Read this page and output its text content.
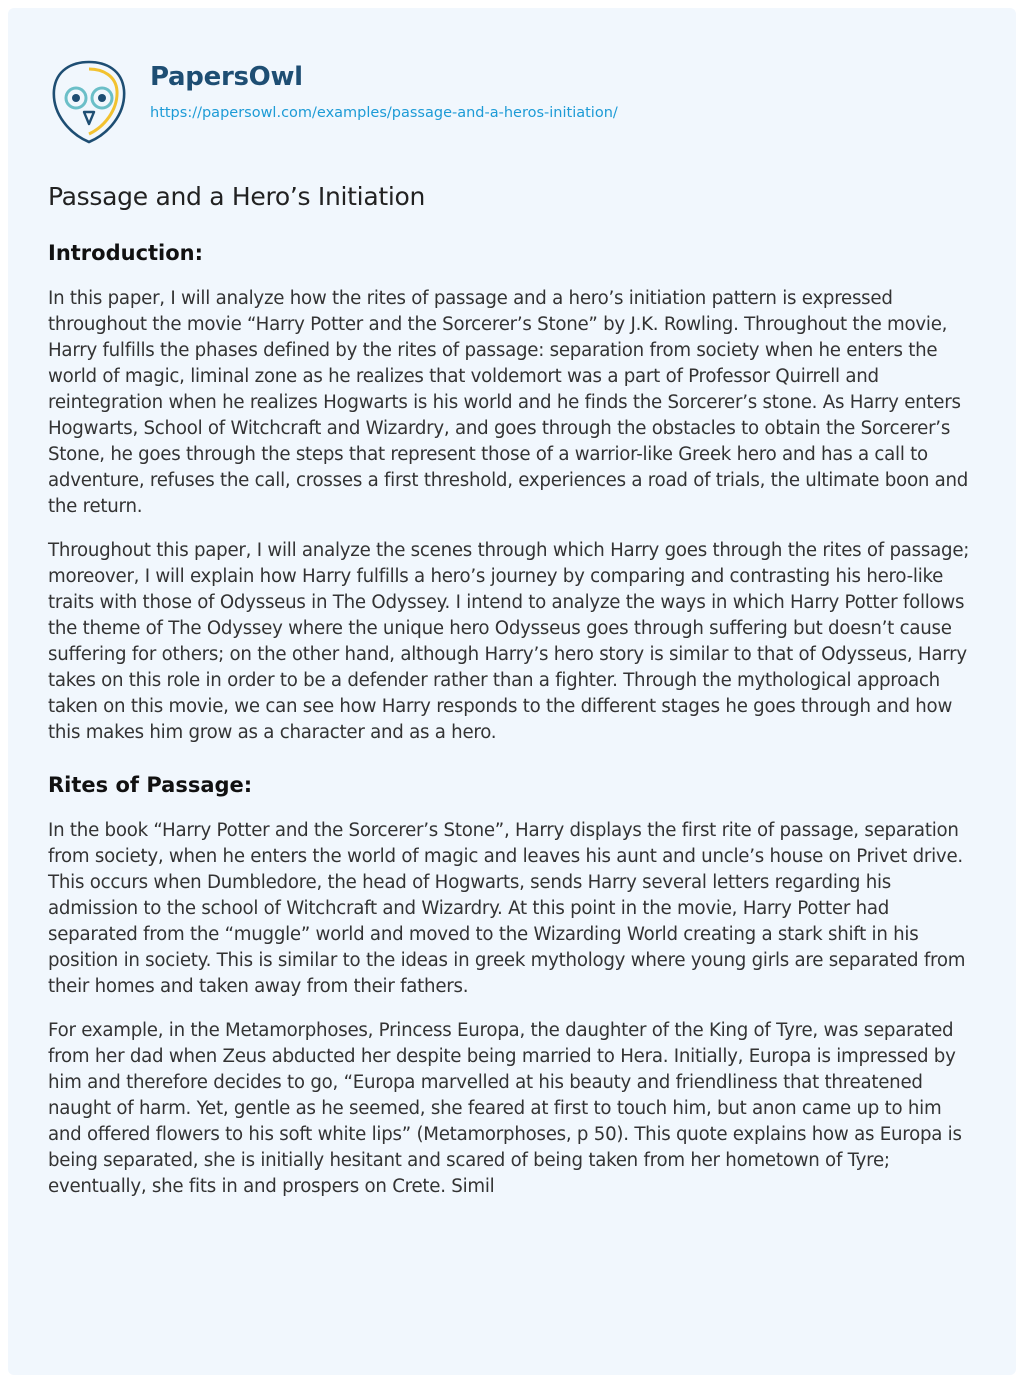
PapersOwl
https://papersowl.com/examples/passage-and-a-heros-initiation/
Passage and a Hero’s Initiation
Introduction:

In this paper, I will analyze how the rites of passage and a hero’s initiation pattern is expressed throughout the movie “Harry Potter and the Sorcerer’s Stone” by J.K. Rowling. Throughout the movie, Harry fulfills the phases defined by the rites of passage: separation from society when he enters the world of magic, liminal zone as he realizes that voldemort was a part of Professor Quirrell and reintegration when he realizes Hogwarts is his world and he finds the Sorcerer’s stone. As Harry enters Hogwarts, School of Witchcraft and Wizardry, and goes through the obstacles to obtain the Sorcerer’s Stone, he goes through the steps that represent those of a warrior-like Greek hero and has a call to adventure, refuses the call, crosses a first threshold, experiences a road of trials, the ultimate boon and the return.

Throughout this paper, I will analyze the scenes through which Harry goes through the rites of passage; moreover, I will explain how Harry fulfills a hero’s journey by comparing and contrasting his hero-like traits with those of Odysseus in The Odyssey. I intend to analyze the ways in which Harry Potter follows the theme of The Odyssey where the unique hero Odysseus goes through suffering but doesn’t cause suffering for others; on the other hand, although Harry’s hero story is similar to that of Odysseus, Harry takes on this role in order to be a defender rather than a fighter. Through the mythological approach taken on this movie, we can see how Harry responds to the different stages he goes through and how this makes him grow as a character and as a hero.

Rites of Passage:

In the book “Harry Potter and the Sorcerer’s Stone”, Harry displays the first rite of passage, separation from society, when he enters the world of magic and leaves his aunt and uncle’s house on Privet drive. This occurs when Dumbledore, the head of Hogwarts, sends Harry several letters regarding his admission to the school of Witchcraft and Wizardry. At this point in the movie, Harry Potter had separated from the “muggle” world and moved to the Wizarding World creating a stark shift in his position in society. This is similar to the ideas in greek mythology where young girls are separated from their homes and taken away from their fathers.

For example, in the Metamorphoses, Princess Europa, the daughter of the King of Tyre, was separated from her dad when Zeus abducted her despite being married to Hera. Initially, Europa is impressed by him and therefore decides to go, “Europa marvelled at his beauty and friendliness that threatened naught of harm. Yet, gentle as he seemed, she feared at first to touch him, but anon came up to him and offered flowers to his soft white lips” (Metamorphoses, p 50). This quote explains how as Europa is being separated, she is initially hesitant and scared of being taken from her hometown of Tyre; eventually, she fits in and prospers on Crete. Simil
